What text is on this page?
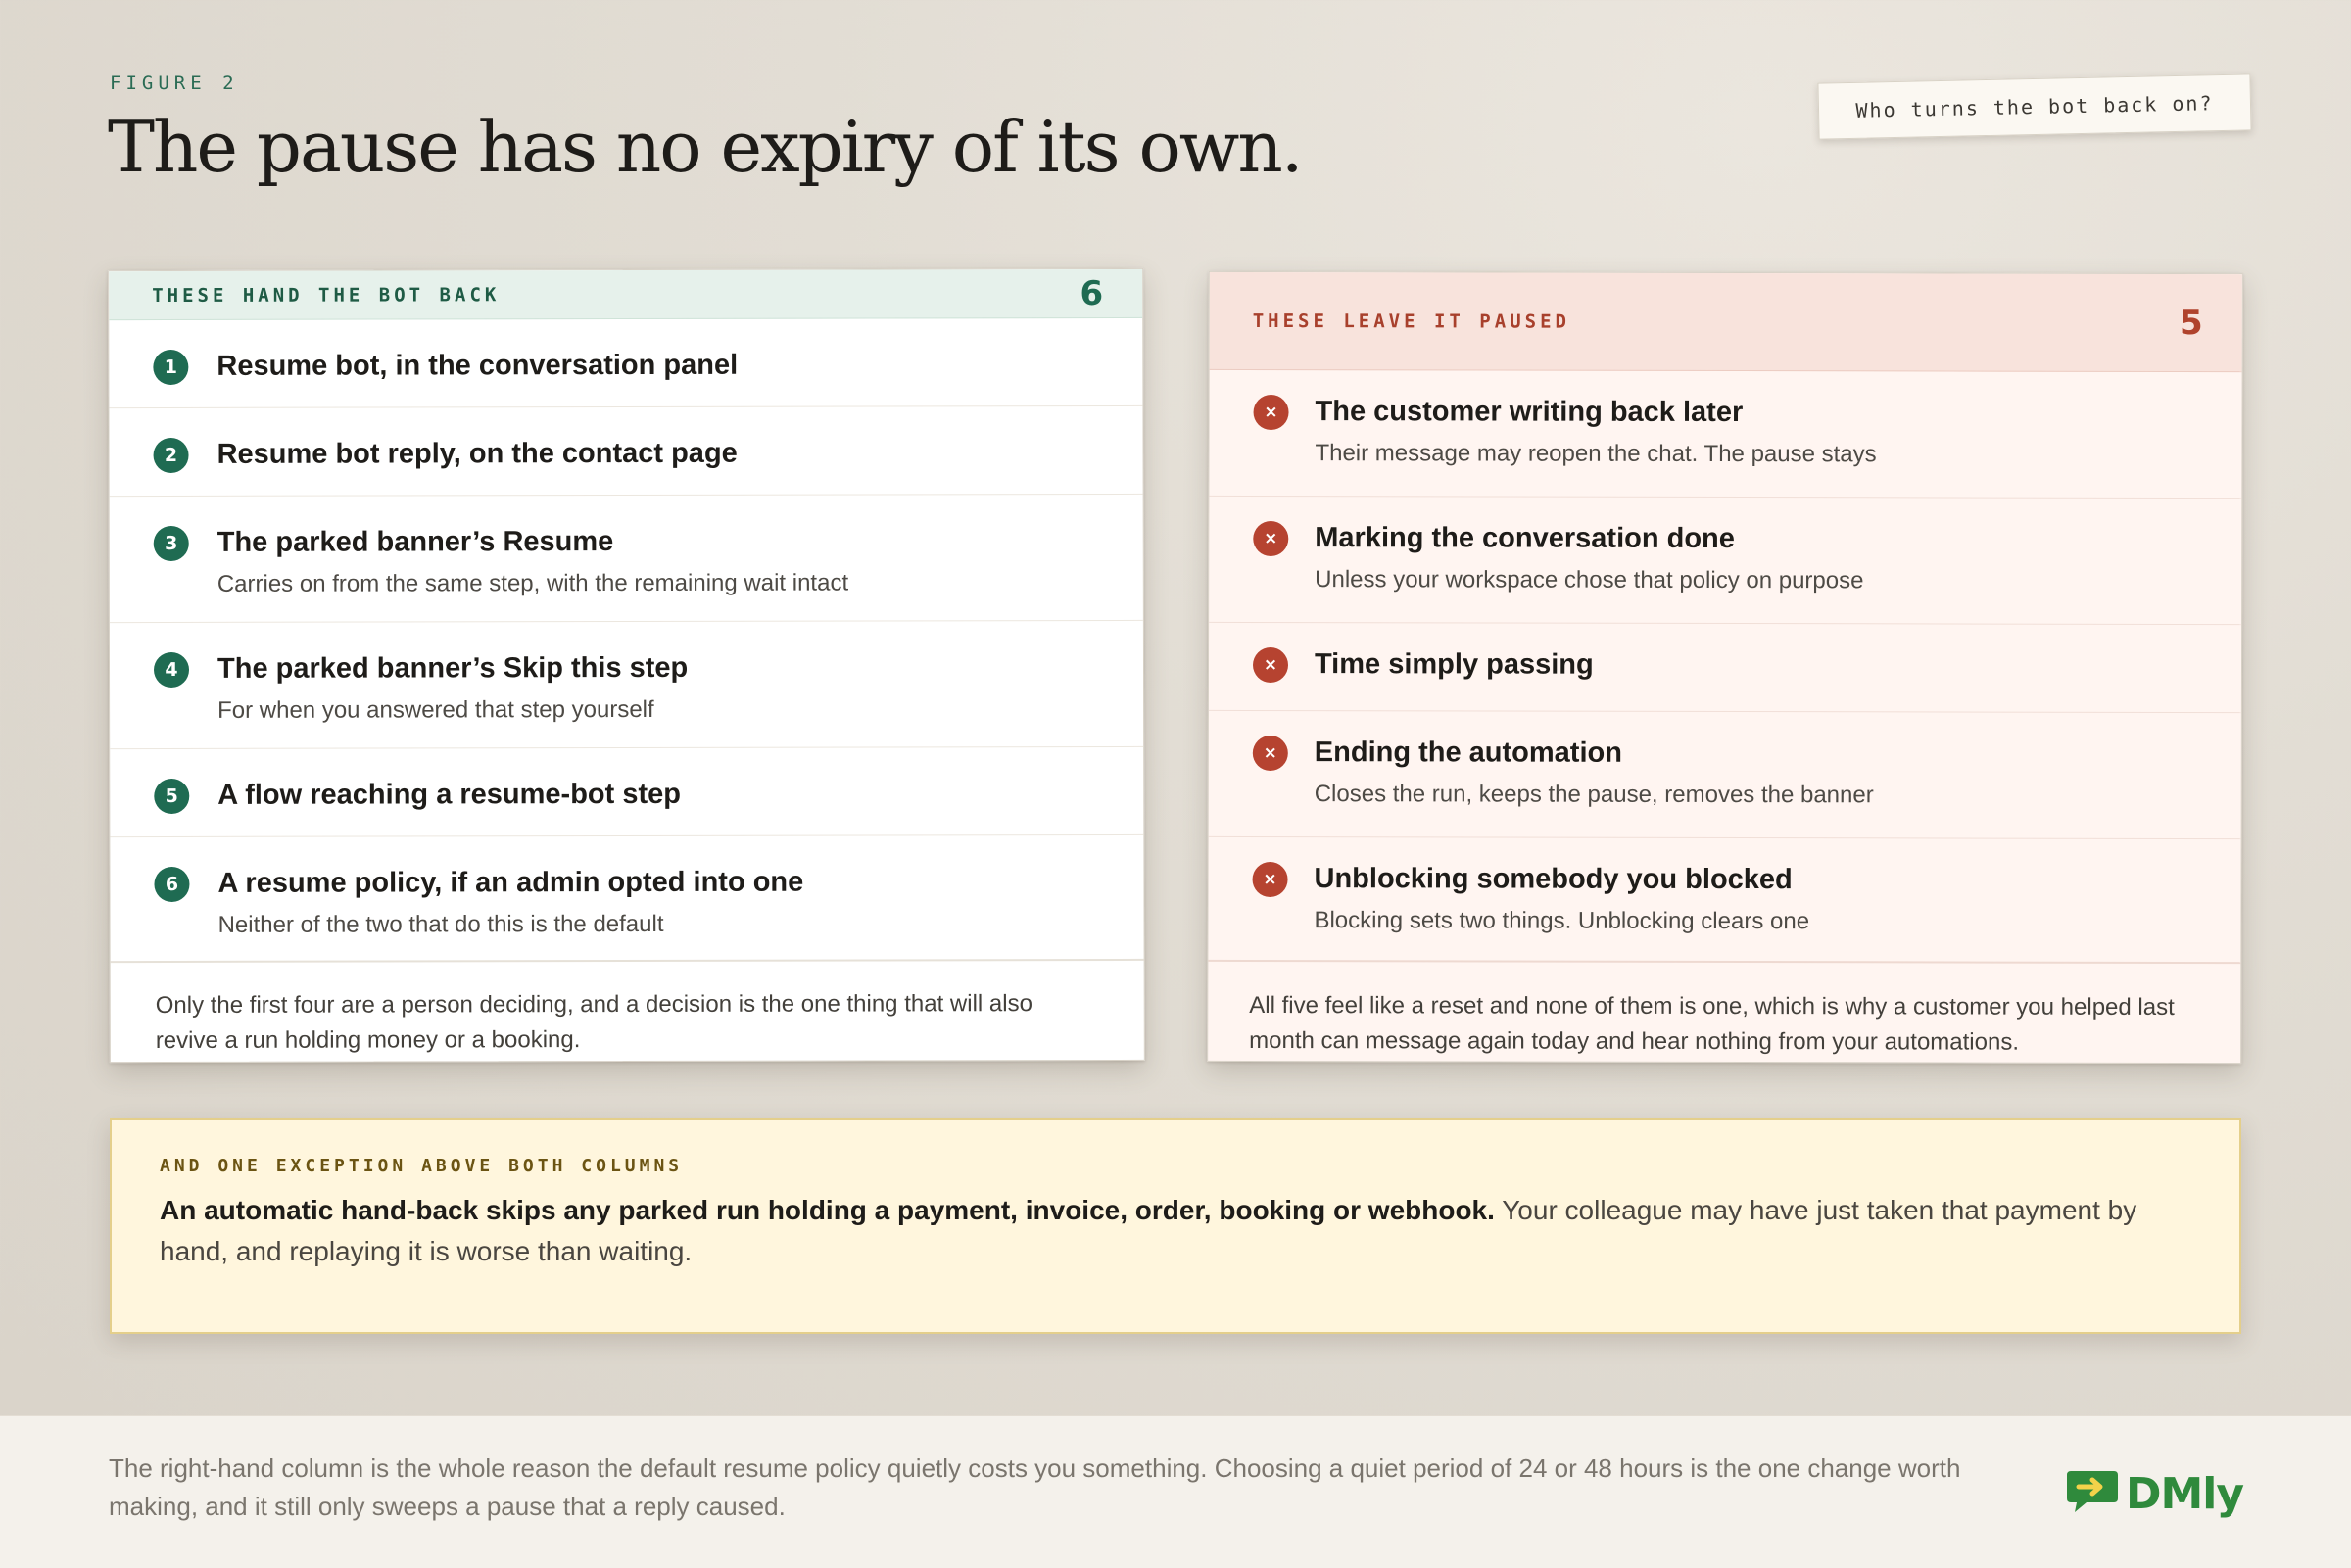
FIGURE 2
The pause has no expiry of its own.	Who turns the bot back on?
THESE HAND THE BOT BACK	6
1	Resume bot, in the conversation panel
2	Resume bot reply, on the contact page
3	The parked banner’s Resume
Carries on from the same step, with the remaining wait intact
4	The parked banner’s Skip this step
For when you answered that step yourself
5	A flow reaching a resume-bot step
6	A resume policy, if an admin opted into one
Neither of the two that do this is the default
Only the first four are a person deciding, and a decision is the one thing that will also revive a run holding money or a booking.
THESE LEAVE IT PAUSED	5
×	The customer writing back later
Their message may reopen the chat. The pause stays
×	Marking the conversation done
Unless your workspace chose that policy on purpose
×	Time simply passing
×	Ending the automation
Closes the run, keeps the pause, removes the banner
×	Unblocking somebody you blocked
Blocking sets two things. Unblocking clears one
All five feel like a reset and none of them is one, which is why a customer you helped last month can message again today and hear nothing from your automations.
AND ONE EXCEPTION ABOVE BOTH COLUMNS
An automatic hand-back skips any parked run holding a payment, invoice, order, booking or webhook. Your colleague may have just taken that payment by hand, and replaying it is worse than waiting.
The right-hand column is the whole reason the default resume policy quietly costs you something. Choosing a quiet period of 24 or 48 hours is the one change worth making, and it still only sweeps a pause that a reply caused.	DMly
